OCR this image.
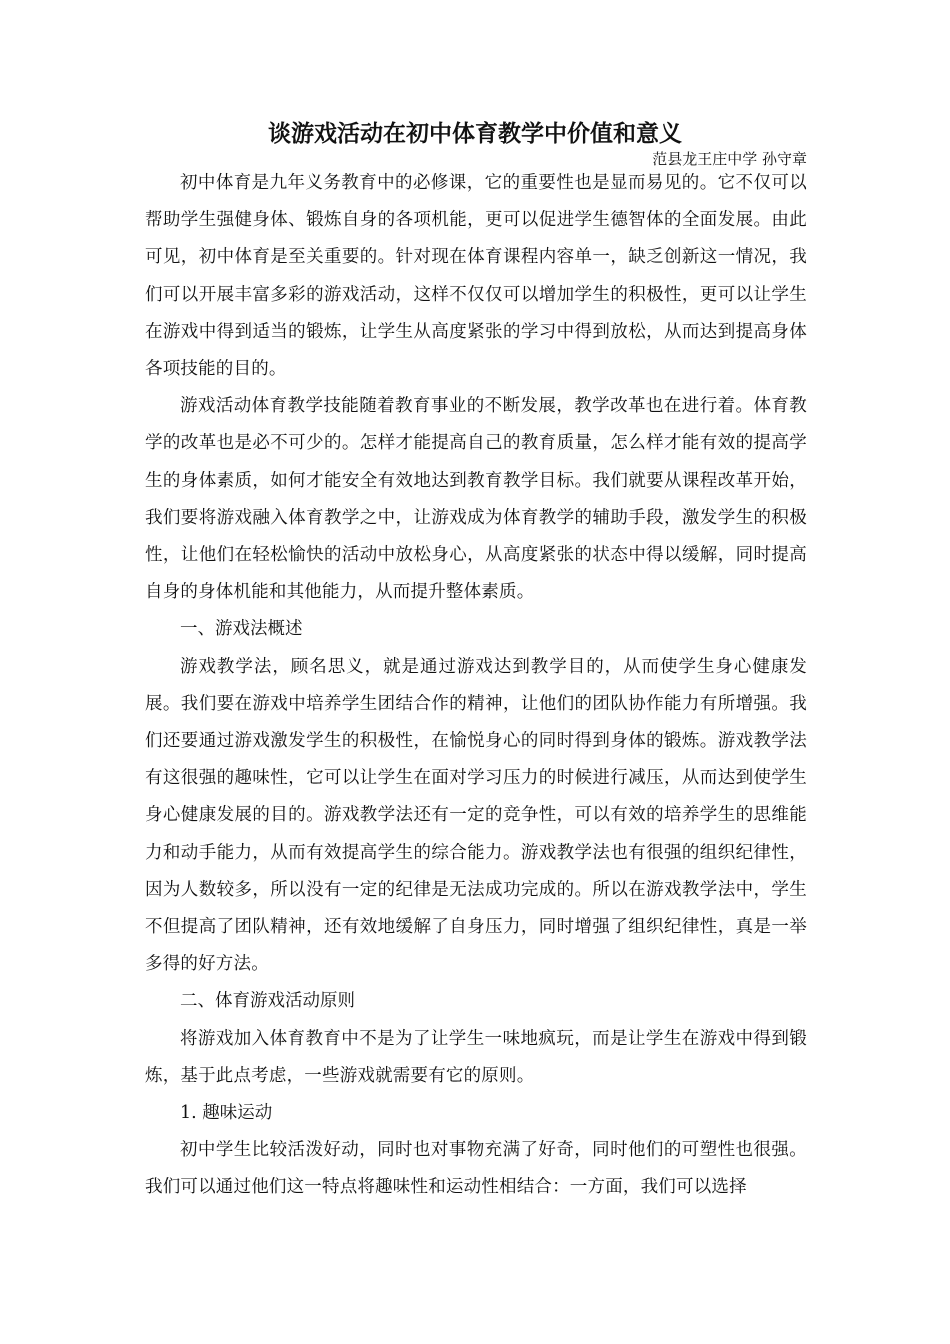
谈游戏活动在初中体育教学中价值和意义
范县龙王庄中学 孙守章

初中体育是九年义务教育中的必修课，它的重要性也是显而易见的。它不仅可以帮助学生强健身体、锻炼自身的各项机能，更可以促进学生德智体的全面发展。由此可见，初中体育是至关重要的。针对现在体育课程内容单一，缺乏创新这一情况，我们可以开展丰富多彩的游戏活动，这样不仅仅可以增加学生的积极性，更可以让学生在游戏中得到适当的锻炼，让学生从高度紧张的学习中得到放松，从而达到提高身体各项技能的目的。

游戏活动体育教学技能随着教育事业的不断发展，教学改革也在进行着。体育教学的改革也是必不可少的。怎样才能提高自己的教育质量，怎么样才能有效的提高学生的身体素质，如何才能安全有效地达到教育教学目标。我们就要从课程改革开始，我们要将游戏融入体育教学之中，让游戏成为体育教学的辅助手段，激发学生的积极性，让他们在轻松愉快的活动中放松身心，从高度紧张的状态中得以缓解，同时提高自身的身体机能和其他能力，从而提升整体素质。

一、游戏法概述

游戏教学法，顾名思义，就是通过游戏达到教学目的，从而使学生身心健康发展。我们要在游戏中培养学生团结合作的精神，让他们的团队协作能力有所增强。我们还要通过游戏激发学生的积极性，在愉悦身心的同时得到身体的锻炼。游戏教学法有这很强的趣味性，它可以让学生在面对学习压力的时候进行减压，从而达到使学生身心健康发展的目的。游戏教学法还有一定的竞争性，可以有效的培养学生的思维能力和动手能力，从而有效提高学生的综合能力。游戏教学法也有很强的组织纪律性，因为人数较多，所以没有一定的纪律是无法成功完成的。所以在游戏教学法中，学生不但提高了团队精神，还有效地缓解了自身压力，同时增强了组织纪律性，真是一举多得的好方法。

二、体育游戏活动原则

将游戏加入体育教育中不是为了让学生一味地疯玩，而是让学生在游戏中得到锻炼，基于此点考虑，一些游戏就需要有它的原则。

1. 趣味运动

初中学生比较活泼好动，同时也对事物充满了好奇，同时他们的可塑性也很强。我们可以通过他们这一特点将趣味性和运动性相结合：一方面，我们可以选择
